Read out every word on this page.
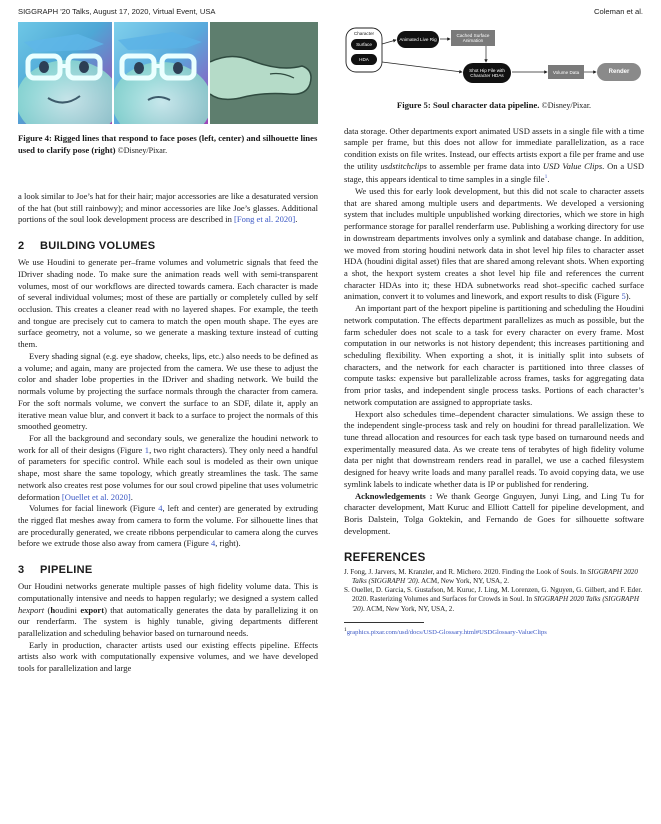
SIGGRAPH '20 Talks, August 17, 2020, Virtual Event, USA	Coleman et al.

Figure 4: Rigged lines that respond to face poses (left, center) and silhouette lines used to clarify pose (right) ©Disney/Pixar.

a look similar to Joe’s hat for their hair; major accessories are like a desaturated version of the hat (but still rainbowy); and minor accessories are like Joe’s glasses. Additional portions of the soul look development process are described in [Fong et al. 2020].

2 BUILDING VOLUMES

We use Houdini to generate per–frame volumes and volumetric signals that feed the IDriver shading node. To make sure the animation reads well with semi-transparent volumes, most of our workflows are directed towards camera. Each character is made of several individual volumes; most of these are partially or completely culled by self occlusion. This creates a cleaner read with no layered shapes. For example, the teeth and tongue are precisely cut to camera to match the open mouth shape. The eyes are surface geometry, not a volume, so we generate a masking texture instead of cutting them.

Every shading signal (e.g. eye shadow, cheeks, lips, etc.) also needs to be defined as a volume; and again, many are projected from the camera. We use these to adjust the color and shader lobe properties in the IDriver and shading network. We build the normals volume by projecting the surface normals through the character from camera. For the soft normals volume, we convert the surface to an SDF, dilate it, apply an iterative mean value blur, and convert it back to a surface to project the normals of this smoothed geometry.

For all the background and secondary souls, we generalize the houdini network to work for all of their designs (Figure 1, two right characters). They only need a handful of parameters for specific control. While each soul is modeled as their own unique shape, most share the same topology, which greatly streamlines the task. The same network also creates rest pose volumes for our soul crowd pipeline that uses volumetric deformation [Ouellet et al. 2020].

Volumes for facial linework (Figure 4, left and center) are generated by extruding the rigged flat meshes away from camera to form the volume. For silhouette lines that are procedurally generated, we create ribbons perpendicular to camera along the curves before we extrude those also away from camera (Figure 4, right).

3 PIPELINE

Our Houdini networks generate multiple passes of high fidelity volume data. This is computationally intensive and needs to happen regularly; we designed a system called hexport (houdini export) that automatically generates the data by parallelizing it on our renderfarm. The system is highly tunable, giving departments different parallelization and scheduling behavior based on turnaround needs.

Early in production, character artists used our existing effects pipeline. Effects artists also work with computationally expensive volumes, and we have developed tools for parallelization and large

Character
Surface
HDA
Animated Live Rig
Cached Surface Animation
Shot Hip File with Character HDAs
Volume Data	Render

Figure 5: Soul character data pipeline. ©Disney/Pixar.

data storage. Other departments export animated USD assets in a single file with a time sample per frame, but this does not allow for immediate parallelization, as a race condition exists on file writes. Instead, our effects artists export a file per frame and use the utility usdstitchclips to assemble per frame data into USD Value Clips. On a USD stage, this appears identical to time samples in a single file$^1$.

We used this for early look development, but this did not scale to character assets that are shared among multiple users and departments. We developed a versioning system that includes multiple unpublished working directories, which we store in high performance storage for parallel renderfarm use. Publishing a working directory for use in downstream departments involves only a symlink and database change. In addition, we moved from storing houdini network data in shot level hip files to character asset HDA (houdini digital asset) files that are shared among relevant shots. When exporting a shot, the hexport system creates a shot level hip file and references the current character HDAs into it; these HDA subnetworks read shot–specific cached surface animation, convert it to volumes and linework, and export results to disk (Figure 5).

An important part of the hexport pipeline is partitioning and scheduling the Houdini network computation. The effects department parallelizes as much as possible, but the farm scheduler does not scale to a task for every character on every frame. Most computation in our networks is not history dependent; this increases partitioning and scheduling flexibility. When exporting a shot, it is initially split into subsets of characters, and the network for each character is partitioned into three classes of compute tasks: expensive but parallelizable across frames, tasks for aggregating data from prior tasks, and independent single process tasks. Portions of each character’s network computation are assigned to appropriate tasks.

Hexport also schedules time–dependent character simulations. We assign these to the independent single-process task and rely on houdini for thread parallelization. We tune thread allocation and resources for each task type based on turnaround needs and experimentally measured data. As we create tens of terabytes of high fidelity volume data per night that downstream renders read in parallel, we use a cached filesystem designed for heavy write loads and many parallel reads. To avoid copying data, we use symlink labels to indicate whether data is IP or published for rendering.

Acknowledgements : We thank George Gnguyen, Junyi Ling, and Ling Tu for character development, Matt Kuruc and Elliott Cattell for pipeline development, and Boris Dalstein, Tolga Goktekin, and Fernando de Goes for silhouette software development.

REFERENCES

J. Fong, J. Jarvers, M. Kranzler, and R. Michero. 2020. Finding the Look of Souls. In SIGGRAPH 2020 Talks (SIGGRAPH '20). ACM, New York, NY, USA, 2.

S. Ouellet, D. Garcia, S. Gustafson, M. Kuruc, J. Ling, M. Lorenzen, G. Nguyen, G. Gilbert, and F. Eder. 2020. Rasterizing Volumes and Surfaces for Crowds in Soul. In SIGGRAPH 2020 Talks (SIGGRAPH '20). ACM, New York, NY, USA, 2.

$^1$graphics.pixar.com/usd/docs/USD-Glossary.html#USDGlossary-ValueClips
